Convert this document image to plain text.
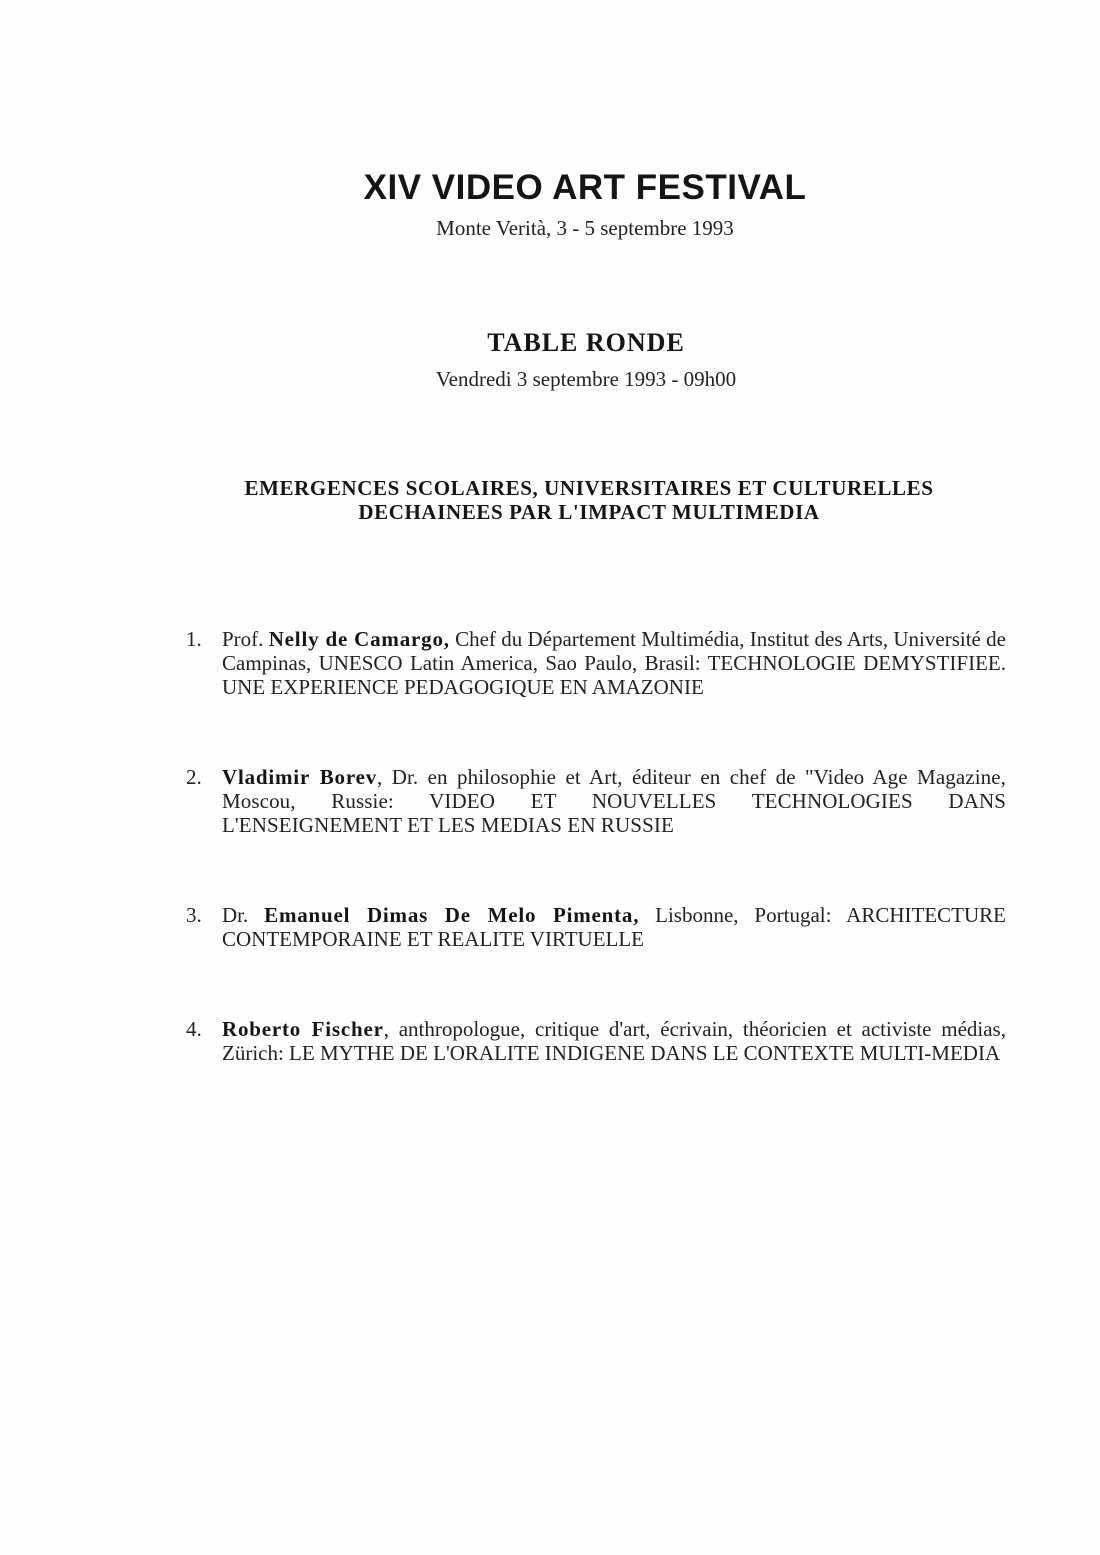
XIV VIDEO ART FESTIVAL
Monte Verità, 3 - 5 septembre 1993
TABLE RONDE
Vendredi 3 septembre 1993 - 09h00
EMERGENCES SCOLAIRES, UNIVERSITAIRES ET CULTURELLES
DECHAINEES PAR L'IMPACT MULTIMEDIA
1. Prof. Nelly de Camargo, Chef du Département Multimédia, Institut des Arts, Université de Campinas, UNESCO Latin America, Sao Paulo, Brasil: TECHNOLOGIE DEMYSTIFIEE. UNE EXPERIENCE PEDAGOGIQUE EN AMAZONIE
2. Vladimir Borev, Dr. en philosophie et Art, éditeur en chef de "Video Age Magazine, Moscou, Russie: VIDEO ET NOUVELLES TECHNOLOGIES DANS L'ENSEIGNEMENT ET LES MEDIAS EN RUSSIE
3. Dr. Emanuel Dimas De Melo Pimenta, Lisbonne, Portugal: ARCHITECTURE CONTEMPORAINE ET REALITE VIRTUELLE
4. Roberto Fischer, anthropologue, critique d'art, écrivain, théoricien et activiste médias, Zürich: LE MYTHE DE L'ORALITE INDIGENE DANS LE CONTEXTE MULTI-MEDIA
